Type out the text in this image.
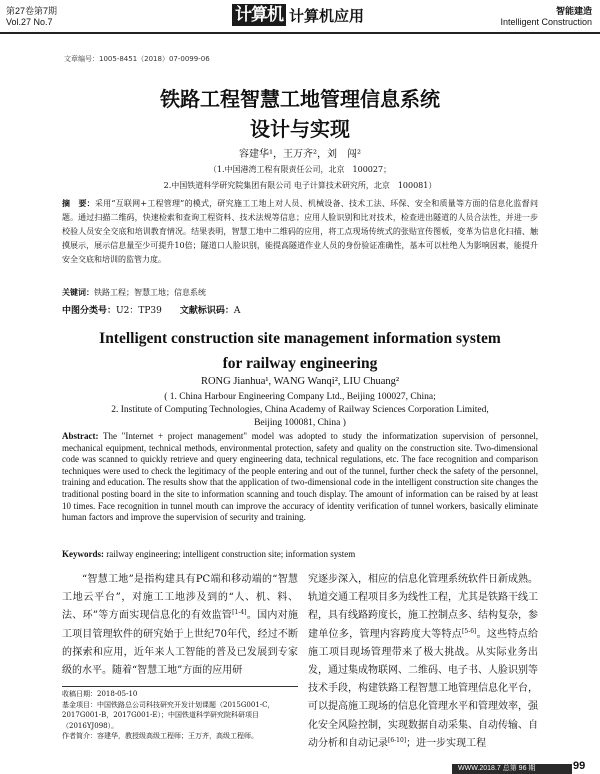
第27卷第7期
Vol.27 No.7	计算机 计算机应用	智能建造
Intelligent Construction
文章编号：1005-8451（2018）07-0099-06
铁路工程智慧工地管理信息系统
设计与实现
容建华¹，王万齐²，刘　闯²
（1.中国港湾工程有限责任公司，北京　100027；
2.中国铁道科学研究院集团有限公司 电子计算技术研究所，北京　100081）
摘　要：采用“互联网+工程管理”的模式，研究施工工地上对人员、机械设备、技术工法、环保、安全和质量等方面的信息化监督问题。通过扫描二维码，快速检索和查询工程资料、技术法规等信息；应用人脸识别和比对技术，检查进出隧道的人员合法性，并进一步校验人员安全交底和培训教育情况。结果表明，智慧工地中二维码的应用，将工点现场传统式的张贴宣传图板，变革为信息化扫描、触摸展示，展示信息量至少可提升10倍；隧道口人脸识别，能提高隧道作业人员的身份验证准确性，基本可以杜绝人为影响因素，能提升安全交底和培训的监管力度。
关键词：铁路工程；智慧工地；信息系统
中图分类号：U2：TP39 文献标识码：A
Intelligent construction site management information system
for railway engineering
RONG Jianhua¹, WANG Wanqi², LIU Chuang²
( 1. China Harbour Engineering Company Ltd., Beijing 100027, China;
2. Institute of Computing Technologies, China Academy of Railway Sciences Corporation Limited,
Beijing 100081, China )
Abstract: The "Internet + project management" model was adopted to study the informatization supervision of personnel, mechanical equipment, technical methods, environmental protection, safety and quality on the construction site. Two-dimensional code was scanned to quickly retrieve and query engineering data, technical regulations, etc. The face recognition and comparison techniques were used to check the legitimacy of the people entering and out of the tunnel, further check the safety of the personnel, training and education. The results show that the application of two-dimensional code in the intelligent construction site changes the traditional posting board in the site to information scanning and touch display. The amount of information can be raised by at least 10 times. Face recognition in tunnel mouth can improve the accuracy of identity verification of tunnel workers, basically eliminate human factors and improve the supervision of security and training.
Keywords: railway engineering; intelligent construction site; information system

“智慧工地”是指构建具有PC端和移动端的“智慧工地云平台”，对施工工地涉及到的“人、机、料、法、环”等方面实现信息化的有效监管[1-4]。国内对施工项目管理软件的研究始于上世纪70年代，经过不断的探索和应用，近年来人工智能的普及已发展到专家级的水平。随着“智慧工地”方面的应用研

究逐步深入，相应的信息化管理系统软件日新成熟。轨道交通工程项目多为线性工程，尤其是铁路干线工程，具有线路跨度长，施工控制点多、结构复杂，参建单位多，管理内容跨度大等特点[5-6]。这些特点给施工项目现场管理带来了极大挑战。从实际业务出发，通过集成物联网、二维码、电子书、人脸识别等技术手段，构建铁路工程智慧工地管理信息化平台，可以提高施工现场的信息化管理水平和管理效率，强化安全风险控制，实现数据自动采集、自动传输、自动分析和自动记录[6-10]；进一步实现工程

收稿日期：2018-05-10
基金项目：中国铁路总公司科技研究开发计划课题（2015G001-C，2017G001-B，2017G001-E）；中国铁道科学研究院科研项目（2016YJ098）。
作者简介：容建华，教授级高级工程师；王万齐，高级工程师。
WWW.2018.7 总第 96 期	99
